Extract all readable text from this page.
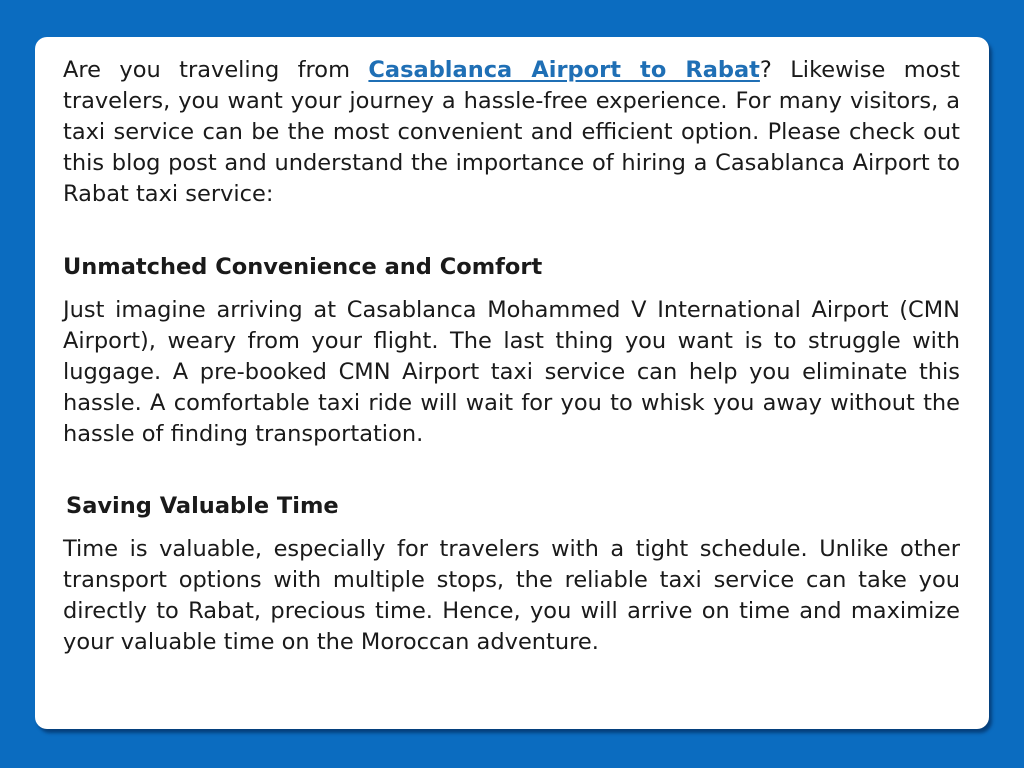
Are you traveling from Casablanca Airport to Rabat? Likewise most travelers, you want your journey a hassle-free experience. For many visitors, a taxi service can be the most convenient and efficient option. Please check out this blog post and understand the importance of hiring a Casablanca Airport to Rabat taxi service:

Unmatched Convenience and Comfort

Just imagine arriving at Casablanca Mohammed V International Airport (CMN Airport), weary from your flight. The last thing you want is to struggle with luggage. A pre-booked CMN Airport taxi service can help you eliminate this hassle. A comfortable taxi ride will wait for you to whisk you away without the hassle of finding transportation.

Saving Valuable Time

Time is valuable, especially for travelers with a tight schedule. Unlike other transport options with multiple stops, the reliable taxi service can take you directly to Rabat, precious time. Hence, you will arrive on time and maximize your valuable time on the Moroccan adventure.
